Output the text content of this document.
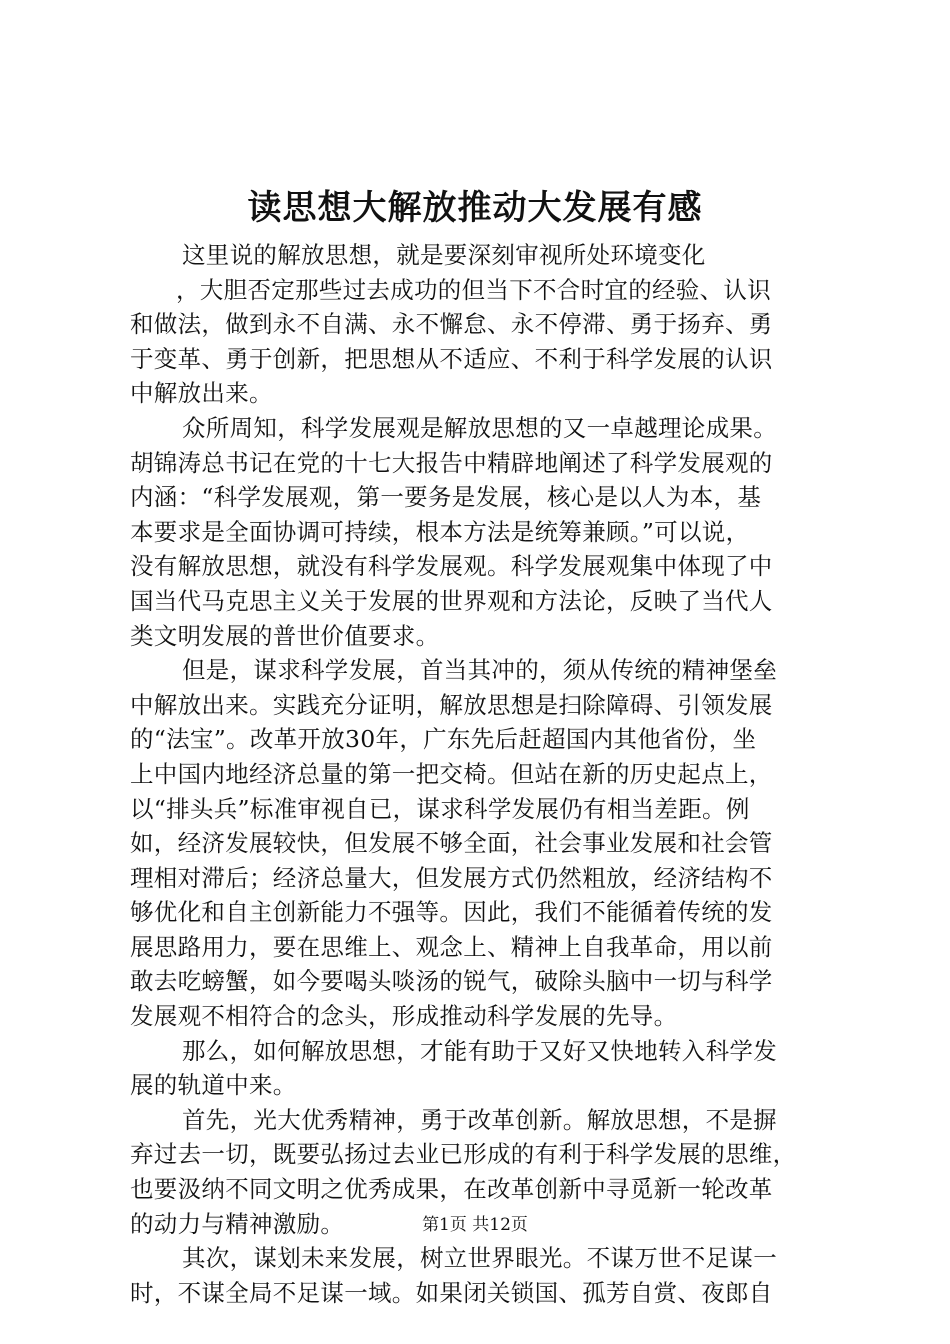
读思想大解放推动大发展有感
这里说的解放思想，就是要深刻审视所处环境变化
，大胆否定那些过去成功的但当下不合时宜的经验、认识
和做法，做到永不自满、永不懈怠、永不停滞、勇于扬弃、勇
于变革、勇于创新，把思想从不适应、不利于科学发展的认识
中解放出来。
众所周知，科学发展观是解放思想的又一卓越理论成果。
胡锦涛总书记在党的十七大报告中精辟地阐述了科学发展观的
内涵：“科学发展观，第一要务是发展，核心是以人为本，基
本要求是全面协调可持续，根本方法是统筹兼顾。”可以说，
没有解放思想，就没有科学发展观。科学发展观集中体现了中
国当代马克思主义关于发展的世界观和方法论，反映了当代人
类文明发展的普世价值要求。
但是，谋求科学发展，首当其冲的，须从传统的精神堡垒
中解放出来。实践充分证明，解放思想是扫除障碍、引领发展
的“法宝”。改革开放30年，广东先后赶超国内其他省份，坐
上中国内地经济总量的第一把交椅。但站在新的历史起点上，
以“排头兵”标准审视自已，谋求科学发展仍有相当差距。例
如，经济发展较快，但发展不够全面，社会事业发展和社会管
理相对滞后；经济总量大，但发展方式仍然粗放，经济结构不
够优化和自主创新能力不强等。因此，我们不能循着传统的发
展思路用力，要在思维上、观念上、精神上自我革命，用以前
敢去吃螃蟹，如今要喝头啖汤的锐气，破除头脑中一切与科学
发展观不相符合的念头，形成推动科学发展的先导。
那么，如何解放思想，才能有助于又好又快地转入科学发
展的轨道中来。
首先，光大优秀精神，勇于改革创新。解放思想，不是摒
弃过去一切，既要弘扬过去业已形成的有利于科学发展的思维，
也要汲纳不同文明之优秀成果，在改革创新中寻觅新一轮改革
的动力与精神激励。
其次，谋划未来发展，树立世界眼光。不谋万世不足谋一
时，不谋全局不足谋一域。如果闭关锁国、孤芳自赏、夜郎自
第1页 共12页
